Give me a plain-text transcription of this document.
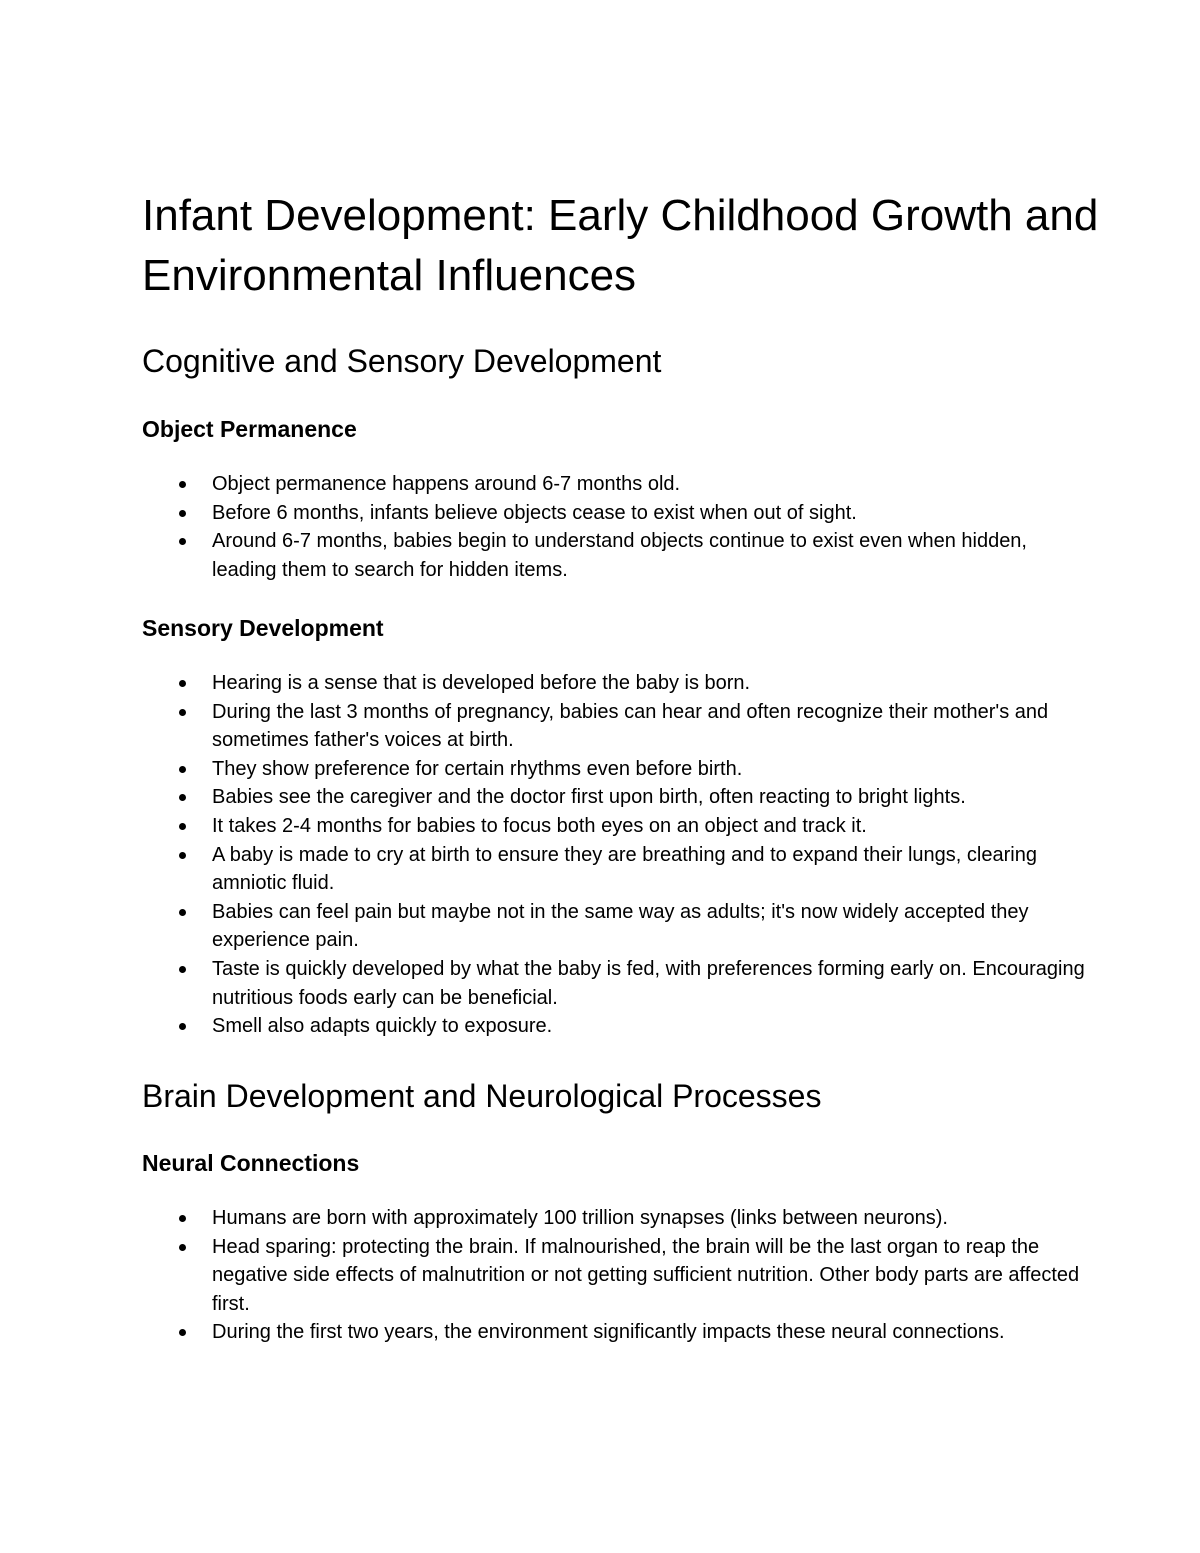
Infant Development: Early Childhood Growth and Environmental Influences
Cognitive and Sensory Development
Object Permanence
Object permanence happens around 6-7 months old.
Before 6 months, infants believe objects cease to exist when out of sight.
Around 6-7 months, babies begin to understand objects continue to exist even when hidden, leading them to search for hidden items.
Sensory Development
Hearing is a sense that is developed before the baby is born.
During the last 3 months of pregnancy, babies can hear and often recognize their mother's and sometimes father's voices at birth.
They show preference for certain rhythms even before birth.
Babies see the caregiver and the doctor first upon birth, often reacting to bright lights.
It takes 2-4 months for babies to focus both eyes on an object and track it.
A baby is made to cry at birth to ensure they are breathing and to expand their lungs, clearing amniotic fluid.
Babies can feel pain but maybe not in the same way as adults; it's now widely accepted they experience pain.
Taste is quickly developed by what the baby is fed, with preferences forming early on. Encouraging nutritious foods early can be beneficial.
Smell also adapts quickly to exposure.
Brain Development and Neurological Processes
Neural Connections
Humans are born with approximately 100 trillion synapses (links between neurons).
Head sparing: protecting the brain. If malnourished, the brain will be the last organ to reap the negative side effects of malnutrition or not getting sufficient nutrition. Other body parts are affected first.
During the first two years, the environment significantly impacts these neural connections.
